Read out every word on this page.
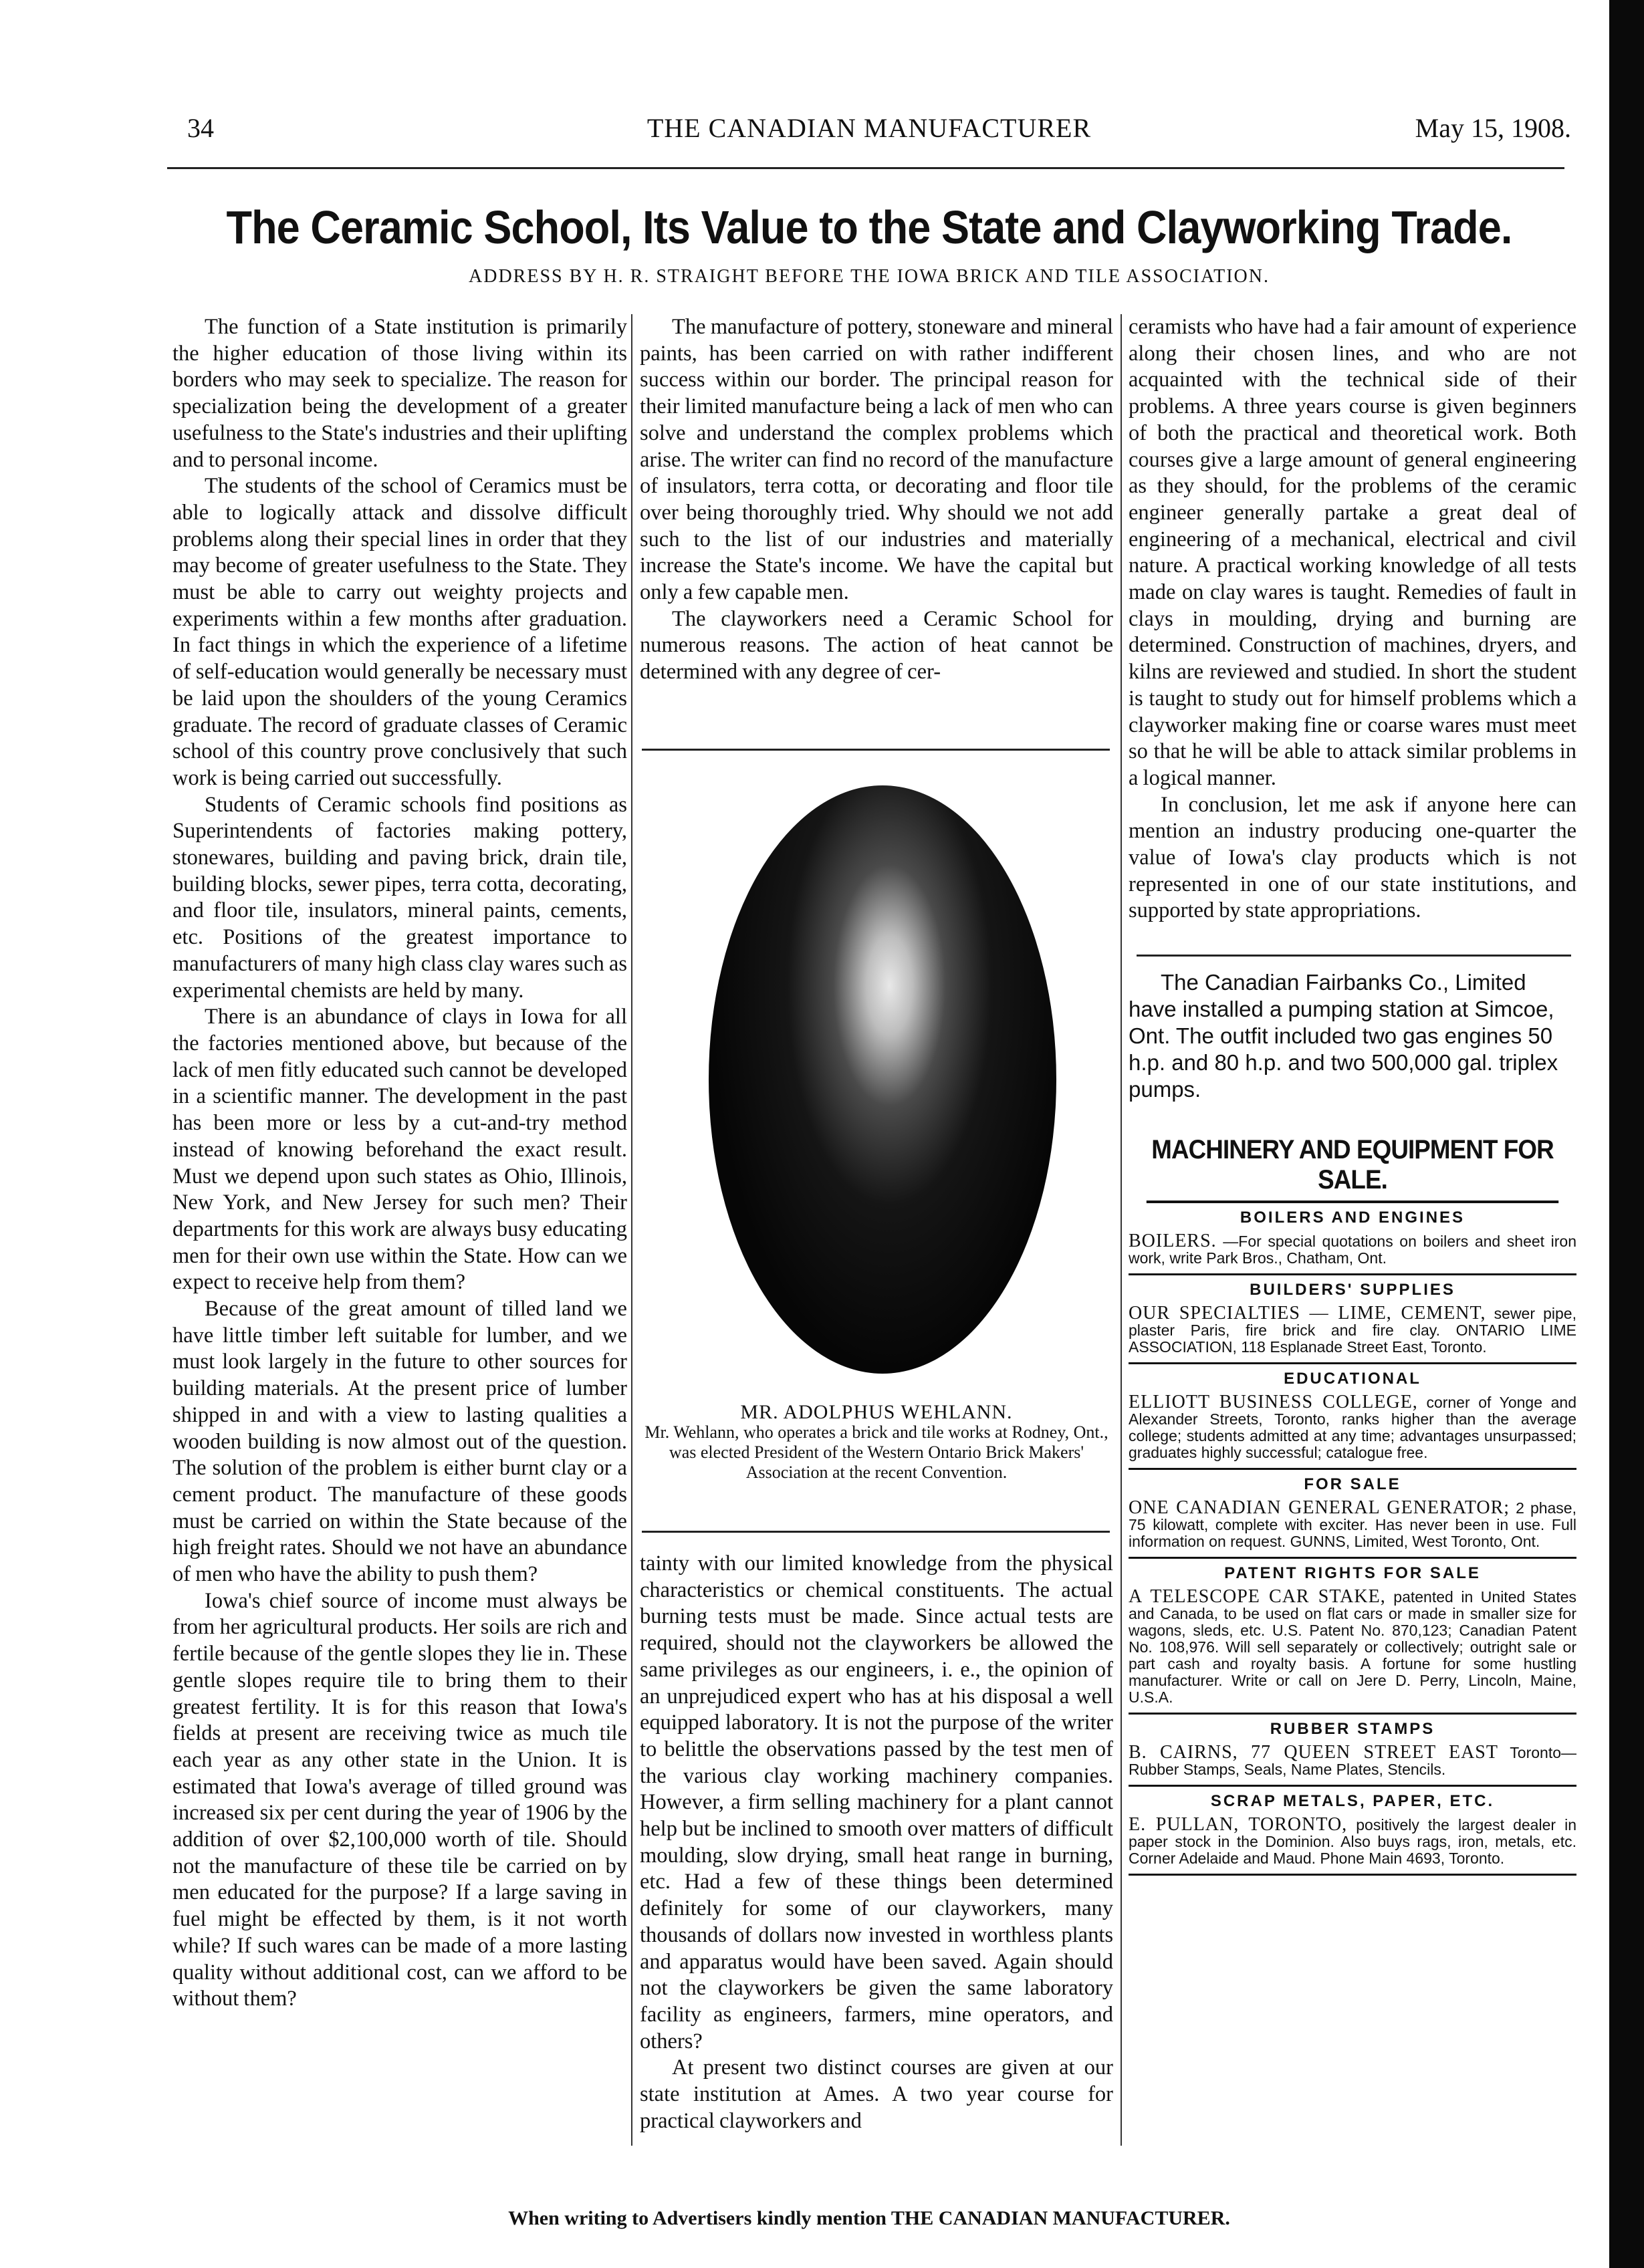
34	THE CANADIAN MANUFACTURER	May 15, 1908.
The Ceramic School, Its Value to the State and Clayworking Trade.
ADDRESS BY H. R. STRAIGHT BEFORE THE IOWA BRICK AND TILE ASSOCIATION.

The function of a State institution is primarily the higher education of those living within its borders who may seek to specialize. The reason for specialization being the development of a greater usefulness to the State's industries and their uplifting and to personal income.

The students of the school of Ceramics must be able to logically attack and dissolve difficult problems along their special lines in order that they may become of greater usefulness to the State. They must be able to carry out weighty projects and experiments within a few months after graduation. In fact things in which the experience of a lifetime of self-education would generally be necessary must be laid upon the shoulders of the young Ceramics graduate. The record of graduate classes of Ceramic school of this country prove conclusively that such work is being carried out successfully.

Students of Ceramic schools find positions as Superintendents of factories making pottery, stonewares, building and paving brick, drain tile, building blocks, sewer pipes, terra cotta, decorating, and floor tile, insulators, mineral paints, cements, etc. Positions of the greatest importance to manufacturers of many high class clay wares such as experimental chemists are held by many.

There is an abundance of clays in Iowa for all the factories mentioned above, but because of the lack of men fitly educated such cannot be developed in a scientific manner. The development in the past has been more or less by a cut-and-try method instead of knowing beforehand the exact result. Must we depend upon such states as Ohio, Illinois, New York, and New Jersey for such men? Their departments for this work are always busy educating men for their own use within the State. How can we expect to receive help from them?

Because of the great amount of tilled land we have little timber left suitable for lumber, and we must look largely in the future to other sources for building materials. At the present price of lumber shipped in and with a view to lasting qualities a wooden building is now almost out of the question. The solution of the problem is either burnt clay or a cement product. The manufacture of these goods must be carried on within the State because of the high freight rates. Should we not have an abundance of men who have the ability to push them?

Iowa's chief source of income must always be from her agricultural products. Her soils are rich and fertile because of the gentle slopes they lie in. These gentle slopes require tile to bring them to their greatest fertility. It is for this reason that Iowa's fields at present are receiving twice as much tile each year as any other state in the Union. It is estimated that Iowa's average of tilled ground was increased six per cent during the year of 1906 by the addition of over $2,100,000 worth of tile. Should not the manufacture of these tile be carried on by men educated for the purpose? If a large saving in fuel might be effected by them, is it not worth while? If such wares can be made of a more lasting quality without additional cost, can we afford to be without them?

The manufacture of pottery, stoneware and mineral paints, has been carried on with rather indifferent success within our border. The principal reason for their limited manufacture being a lack of men who can solve and understand the complex problems which arise. The writer can find no record of the manufacture of insulators, terra cotta, or decorating and floor tile over being thoroughly tried. Why should we not add such to the list of our industries and materially increase the State's income. We have the capital but only a few capable men.

The clayworkers need a Ceramic School for numerous reasons. The action of heat cannot be determined with any degree of cer-

MR. ADOLPHUS WEHLANN.
Mr. Wehlann, who operates a brick and tile works at Rodney, Ont., was elected President of the Western Ontario Brick Makers' Association at the recent Convention.

tainty with our limited knowledge from the physical characteristics or chemical constituents. The actual burning tests must be made. Since actual tests are required, should not the clayworkers be allowed the same privileges as our engineers, i. e., the opinion of an unprejudiced expert who has at his disposal a well equipped laboratory. It is not the purpose of the writer to belittle the observations passed by the test men of the various clay working machinery companies. However, a firm selling machinery for a plant cannot help but be inclined to smooth over matters of difficult moulding, slow drying, small heat range in burning, etc. Had a few of these things been determined definitely for some of our clayworkers, many thousands of dollars now invested in worthless plants and apparatus would have been saved. Again should not the clayworkers be given the same laboratory facility as engineers, farmers, mine operators, and others?

At present two distinct courses are given at our state institution at Ames. A two year course for practical clayworkers and

ceramists who have had a fair amount of experience along their chosen lines, and who are not acquainted with the technical side of their problems. A three years course is given beginners of both the practical and theoretical work. Both courses give a large amount of general engineering as they should, for the problems of the ceramic engineer generally partake a great deal of engineering of a mechanical, electrical and civil nature. A practical working knowledge of all tests made on clay wares is taught. Remedies of fault in clays in moulding, drying and burning are determined. Construction of machines, dryers, and kilns are reviewed and studied. In short the student is taught to study out for himself problems which a clayworker making fine or coarse wares must meet so that he will be able to attack similar problems in a logical manner.

In conclusion, let me ask if anyone here can mention an industry producing one-quarter the value of Iowa's clay products which is not represented in one of our state institutions, and supported by state appropriations.

The Canadian Fairbanks Co., Limited have installed a pumping station at Simcoe, Ont. The outfit included two gas engines 50 h.p. and 80 h.p. and two 500,000 gal. triplex pumps.

MACHINERY AND EQUIPMENT FOR SALE.
BOILERS AND ENGINES
BOILERS. —For special quotations on boilers and sheet iron work, write Park Bros., Chatham, Ont.
BUILDERS' SUPPLIES
OUR SPECIALTIES — LIME, CEMENT, sewer pipe, plaster Paris, fire brick and fire clay. ONTARIO LIME ASSOCIATION, 118 Esplanade Street East, Toronto.
EDUCATIONAL
ELLIOTT BUSINESS COLLEGE, corner of Yonge and Alexander Streets, Toronto, ranks higher than the average college; students admitted at any time; advantages unsurpassed; graduates highly successful; catalogue free.
FOR SALE
ONE CANADIAN GENERAL GENERATOR; 2 phase, 75 kilowatt, complete with exciter. Has never been in use. Full information on request. GUNNS, Limited, West Toronto, Ont.
PATENT RIGHTS FOR SALE
A TELESCOPE CAR STAKE, patented in United States and Canada, to be used on flat cars or made in smaller size for wagons, sleds, etc. U.S. Patent No. 870,123; Canadian Patent No. 108,976. Will sell separately or collectively; outright sale or part cash and royalty basis. A fortune for some hustling manufacturer. Write or call on Jere D. Perry, Lincoln, Maine, U.S.A.
RUBBER STAMPS
B. CAIRNS, 77 QUEEN STREET EAST Toronto—Rubber Stamps, Seals, Name Plates, Stencils.
SCRAP METALS, PAPER, ETC.
E. PULLAN, TORONTO, positively the largest dealer in paper stock in the Dominion. Also buys rags, iron, metals, etc. Corner Adelaide and Maud. Phone Main 4693, Toronto.
When writing to Advertisers kindly mention THE CANADIAN MANUFACTURER.
